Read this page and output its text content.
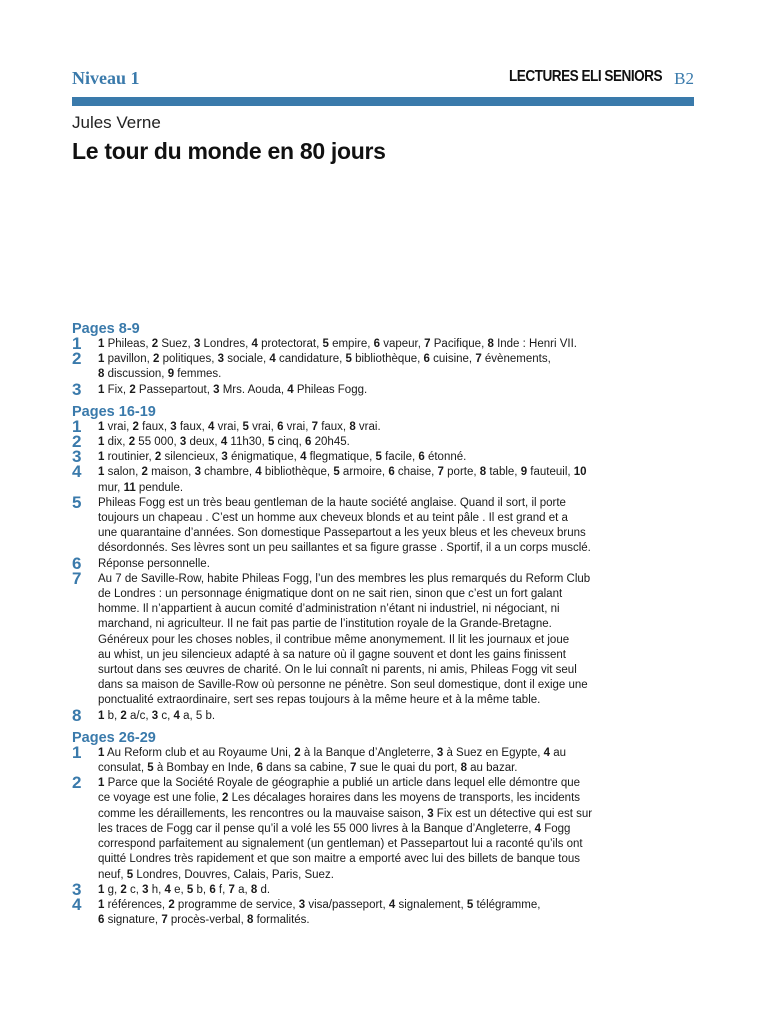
Niveau 1	LECTURES ELI SENIORS B2
Jules Verne
Le tour du monde en 80 jours
Pages 8-9
1	1 Phileas, 2 Suez, 3 Londres, 4 protectorat, 5 empire, 6 vapeur, 7 Pacifique, 8 Inde : Henri VII.
2	1 pavillon, 2 politiques, 3 sociale, 4 candidature, 5 bibliothèque, 6 cuisine, 7 évènements,
8 discussion, 9 femmes.
3	1 Fix, 2 Passepartout, 3 Mrs. Aouda, 4 Phileas Fogg.
Pages 16-19
1	1 vrai, 2 faux, 3 faux, 4 vrai, 5 vrai, 6 vrai, 7 faux, 8 vrai.
2	1 dix, 2 55 000, 3 deux, 4 11h30, 5 cinq, 6 20h45.
3	1 routinier, 2 silencieux, 3 énigmatique, 4 flegmatique, 5 facile, 6 étonné.
4	1 salon, 2 maison, 3 chambre, 4 bibliothèque, 5 armoire, 6 chaise, 7 porte, 8 table, 9 fauteuil, 10
mur, 11 pendule.
5	Phileas Fogg est un très beau gentleman de la haute société anglaise. Quand il sort, il porte
toujours un chapeau . C’est un homme aux cheveux blonds et au teint pâle . Il est grand et a
une quarantaine d’années. Son domestique Passepartout a les yeux bleus et les cheveux bruns
désordonnés. Ses lèvres sont un peu saillantes et sa figure grasse . Sportif, il a un corps musclé.
6	Réponse personnelle.
7	Au 7 de Saville-Row, habite Phileas Fogg, l’un des membres les plus remarqués du Reform Club
de Londres : un personnage énigmatique dont on ne sait rien, sinon que c’est un fort galant
homme. Il n’appartient à aucun comité d’administration n’étant ni industriel, ni négociant, ni
marchand, ni agriculteur. Il ne fait pas partie de l’institution royale de la Grande-Bretagne.
Généreux pour les choses nobles, il contribue même anonymement. Il lit les journaux et joue
au whist, un jeu silencieux adapté à sa nature où il gagne souvent et dont les gains finissent
surtout dans ses œuvres de charité. On le lui connaît ni parents, ni amis, Phileas Fogg vit seul
dans sa maison de Saville-Row où personne ne pénètre. Son seul domestique, dont il exige une
ponctualité extraordinaire, sert ses repas toujours à la même heure et à la même table.
8	1 b, 2 a/c, 3 c, 4 a, 5 b.
Pages 26-29
1	1 Au Reform club et au Royaume Uni, 2 à la Banque d’Angleterre, 3 à Suez en Egypte, 4 au
consulat, 5 à Bombay en Inde, 6 dans sa cabine, 7 sue le quai du port, 8 au bazar.
2	1 Parce que la Société Royale de géographie a publié un article dans lequel elle démontre que
ce voyage est une folie, 2 Les décalages horaires dans les moyens de transports, les incidents
comme les déraillements, les rencontres ou la mauvaise saison, 3 Fix est un détective qui est sur
les traces de Fogg car il pense qu’il a volé les 55 000 livres à la Banque d’Angleterre, 4 Fogg
correspond parfaitement au signalement (un gentleman) et Passepartout lui a raconté qu’ils ont
quitté Londres très rapidement et que son maitre a emporté avec lui des billets de banque tous
neuf, 5 Londres, Douvres, Calais, Paris, Suez.
3	1 g, 2 c, 3 h, 4 e, 5 b, 6 f, 7 a, 8 d.
4	1 références, 2 programme de service, 3 visa/passeport, 4 signalement, 5 télégramme,
6 signature, 7 procès-verbal, 8 formalités.
